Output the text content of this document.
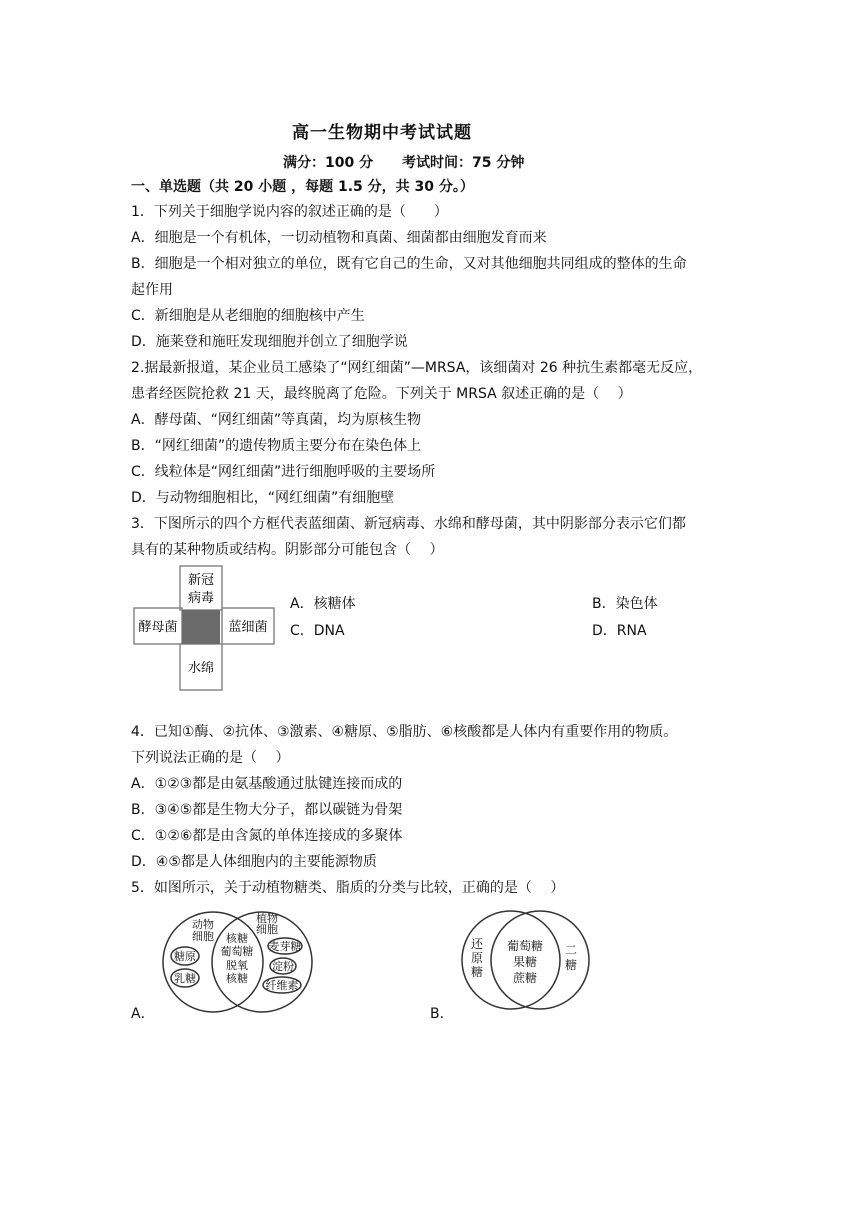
高一生物期中考试试题
满分：100 分 考试时间：75 分钟
一、单选题（共 20 小题 ，每题 1.5 分，共 30 分。）
1．下列关于细胞学说内容的叙述正确的是（　　）
A．细胞是一个有机体，一切动植物和真菌、细菌都由细胞发育而来
B．细胞是一个相对独立的单位，既有它自己的生命，又对其他细胞共同组成的整体的生命
起作用
C．新细胞是从老细胞的细胞核中产生
D．施莱登和施旺发现细胞并创立了细胞学说
2.据最新报道，某企业员工感染了“网红细菌”—MRSA，该细菌对 26 种抗生素都毫无反应，
患者经医院抢救 21 天，最终脱离了危险。下列关于 MRSA 叙述正确的是（　 ）
A．酵母菌、“网红细菌”等真菌，均为原核生物
B．“网红细菌”的遗传物质主要分布在染色体上
C．线粒体是“网红细菌”进行细胞呼吸的主要场所
D．与动物细胞相比，“网红细菌”有细胞壁
3．下图所示的四个方框代表蓝细菌、新冠病毒、水绵和酵母菌，其中阴影部分表示它们都
具有的某种物质或结构。阴影部分可能包含（　 ）
新冠
病毒
酵母菌	蓝细菌
水绵
A．核糖体	B．染色体
C．DNA	D．RNA
4．已知①酶、②抗体、③激素、④糖原、⑤脂肪、⑥核酸都是人体内有重要作用的物质。
下列说法正确的是（　 ）
A．①②③都是由氨基酸通过肽键连接而成的
B．③④⑤都是生物大分子，都以碳链为骨架
C．①②⑥都是由含氮的单体连接成的多聚体
D．④⑤都是人体细胞内的主要能源物质
5．如图所示，关于动植物糖类、脂质的分类与比较，正确的是（　 ）
动物
细胞
植物
细胞
核糖
葡萄糖
脱氧
核糖
糖原
乳糖
麦芽糖
淀粉
纤维素
A．
还
原
糖
葡萄糖
果糖
蔗糖
二
糖
B．
